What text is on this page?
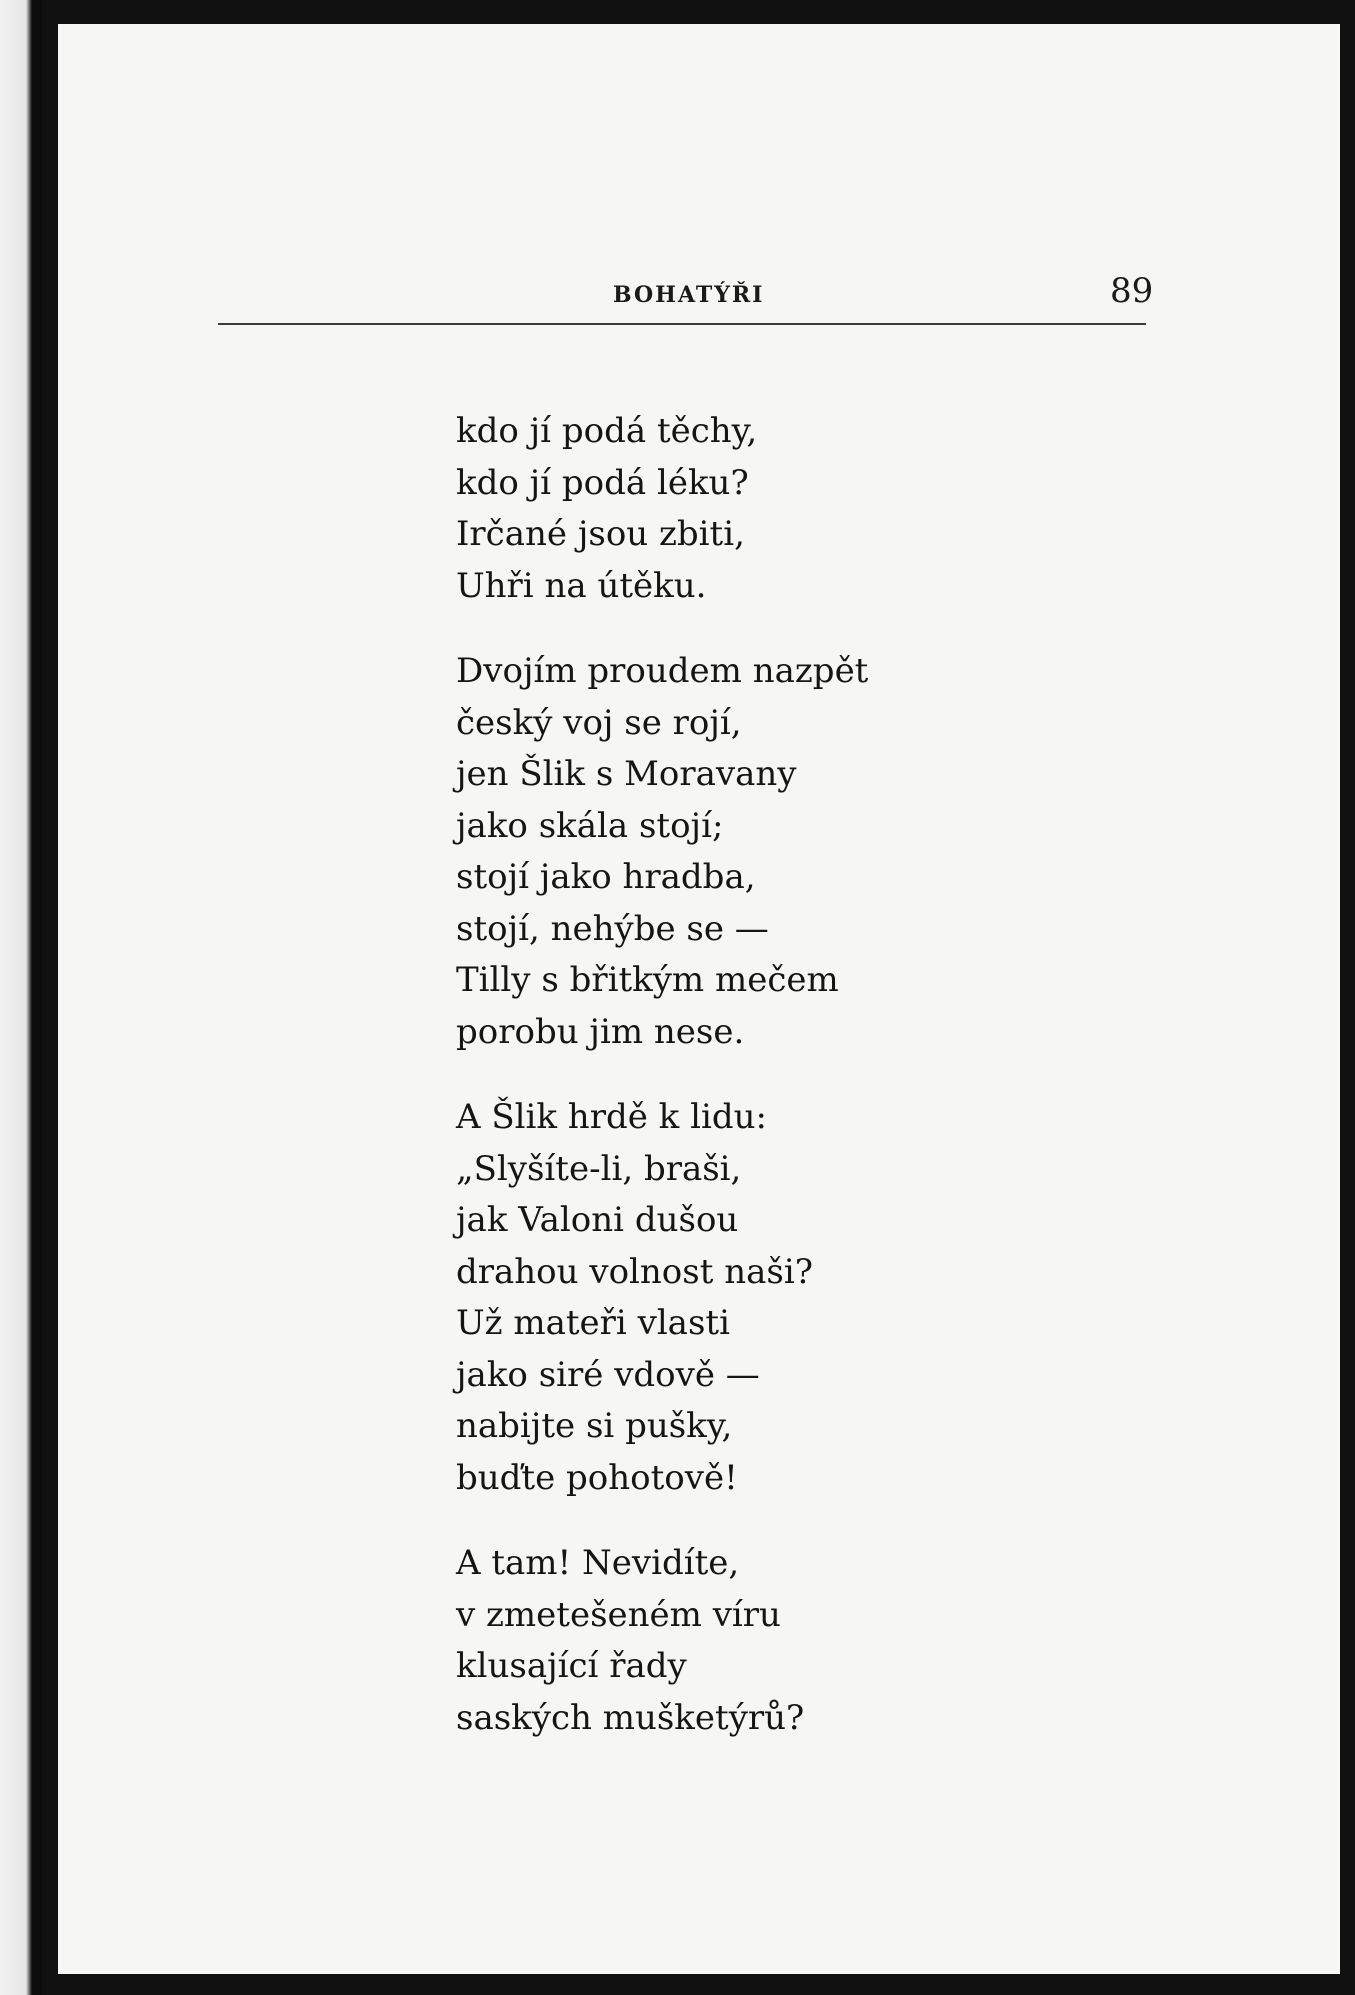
BOHATÝŘI	89
kdo jí podá těchy,
kdo jí podá léku?
Irčané jsou zbiti,
Uhři na útěku.
Dvojím proudem nazpět
český voj se rojí,
jen Šlik s Moravany
jako skála stojí;
stojí jako hradba,
stojí, nehýbe se —
Tilly s břitkým mečem
porobu jim nese.
A Šlik hrdě k lidu:
„Slyšíte-li, braši,
jak Valoni dušou
drahou volnost naši?
Už mateři vlasti
jako siré vdově —
nabijte si pušky,
buďte pohotově!
A tam! Nevidíte,
v zmetešeném víru
klusající řady
saských mušketýrů?
